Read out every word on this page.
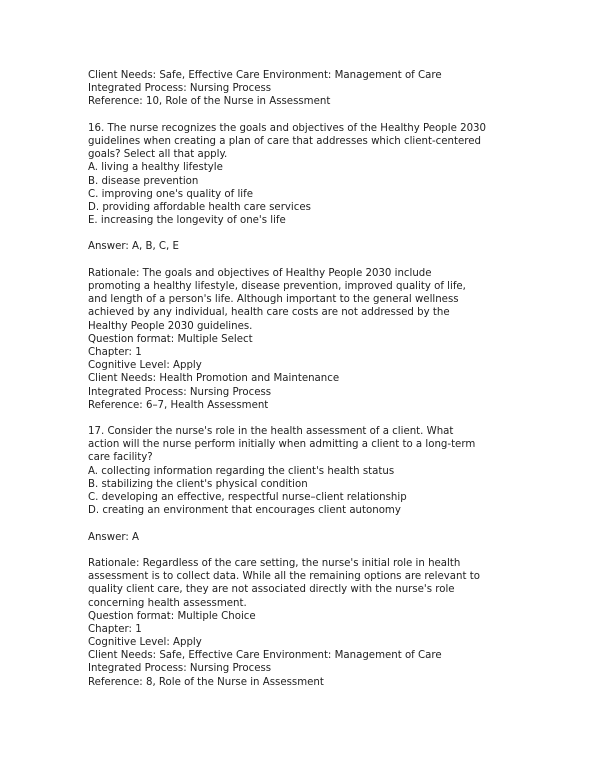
Client Needs: Safe, Effective Care Environment: Management of Care
Integrated Process: Nursing Process
Reference: 10, Role of the Nurse in Assessment
16. The nurse recognizes the goals and objectives of the Healthy People 2030
guidelines when creating a plan of care that addresses which client-centered
goals? Select all that apply.
A. living a healthy lifestyle
B. disease prevention
C. improving one's quality of life
D. providing affordable health care services
E. increasing the longevity of one's life
Answer: A, B, C, E
Rationale: The goals and objectives of Healthy People 2030 include
promoting a healthy lifestyle, disease prevention, improved quality of life,
and length of a person's life. Although important to the general wellness
achieved by any individual, health care costs are not addressed by the
Healthy People 2030 guidelines.
Question format: Multiple Select
Chapter: 1
Cognitive Level: Apply
Client Needs: Health Promotion and Maintenance
Integrated Process: Nursing Process
Reference: 6–7, Health Assessment
17. Consider the nurse's role in the health assessment of a client. What
action will the nurse perform initially when admitting a client to a long-term
care facility?
A. collecting information regarding the client's health status
B. stabilizing the client's physical condition
C. developing an effective, respectful nurse–client relationship
D. creating an environment that encourages client autonomy
Answer: A
Rationale: Regardless of the care setting, the nurse's initial role in health
assessment is to collect data. While all the remaining options are relevant to
quality client care, they are not associated directly with the nurse's role
concerning health assessment.
Question format: Multiple Choice
Chapter: 1
Cognitive Level: Apply
Client Needs: Safe, Effective Care Environment: Management of Care
Integrated Process: Nursing Process
Reference: 8, Role of the Nurse in Assessment
